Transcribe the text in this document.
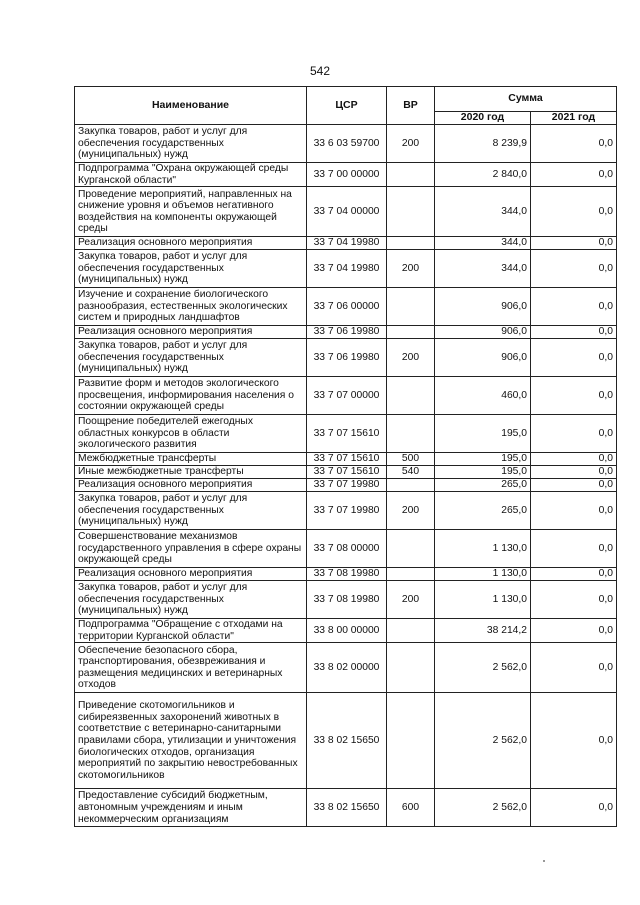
542
Наименование	ЦСР	ВР	Сумма	
			2020 год	2021 год
Закупка товаров, работ и услуг для обеспечения государственных (муниципальных) нужд	33 6 03 59700	200	8 239,9	0,0
Подпрограмма "Охрана окружающей среды Курганской области"	33 7 00 00000		2 840,0	0,0
Проведение мероприятий, направленных на снижение уровня и объемов негативного воздействия на компоненты окружающей среды	33 7 04 00000		344,0	0,0
Реализация основного мероприятия	33 7 04 19980		344,0	0,0
Закупка товаров, работ и услуг для обеспечения государственных (муниципальных) нужд	33 7 04 19980	200	344,0	0,0
Изучение и сохранение биологического разнообразия, естественных экологических систем и природных ландшафтов	33 7 06 00000		906,0	0,0
Реализация основного мероприятия	33 7 06 19980		906,0	0,0
Закупка товаров, работ и услуг для обеспечения государственных (муниципальных) нужд	33 7 06 19980	200	906,0	0,0
Развитие форм и методов экологического просвещения, информирования населения о состоянии окружающей среды	33 7 07 00000		460,0	0,0
Поощрение победителей ежегодных областных конкурсов в области экологического развития	33 7 07 15610		195,0	0,0
Межбюджетные трансферты	33 7 07 15610	500	195,0	0,0
Иные межбюджетные трансферты	33 7 07 15610	540	195,0	0,0
Реализация основного мероприятия	33 7 07 19980		265,0	0,0
Закупка товаров, работ и услуг для обеспечения государственных (муниципальных) нужд	33 7 07 19980	200	265,0	0,0
Совершенствование механизмов государственного управления в сфере охраны окружающей среды	33 7 08 00000		1 130,0	0,0
Реализация основного мероприятия	33 7 08 19980		1 130,0	0,0
Закупка товаров, работ и услуг для обеспечения государственных (муниципальных) нужд	33 7 08 19980	200	1 130,0	0,0
Подпрограмма "Обращение с отходами на территории Курганской области"	33 8 00 00000		38 214,2	0,0
Обеспечение безопасного сбора, транспортирования, обезвреживания и размещения медицинских и ветеринарных отходов	33 8 02 00000		2 562,0	0,0
Приведение скотомогильников и сибиреязвенных захоронений животных в соответствие с ветеринарно-санитарными правилами сбора, утилизации и уничтожения биологических отходов, организация мероприятий по закрытию невостребованных скотомогильников	33 8 02 15650		2 562,0	0,0
Предоставление субсидий бюджетным, автономным учреждениям и иным некоммерческим организациям	33 8 02 15650	600	2 562,0	0,0
